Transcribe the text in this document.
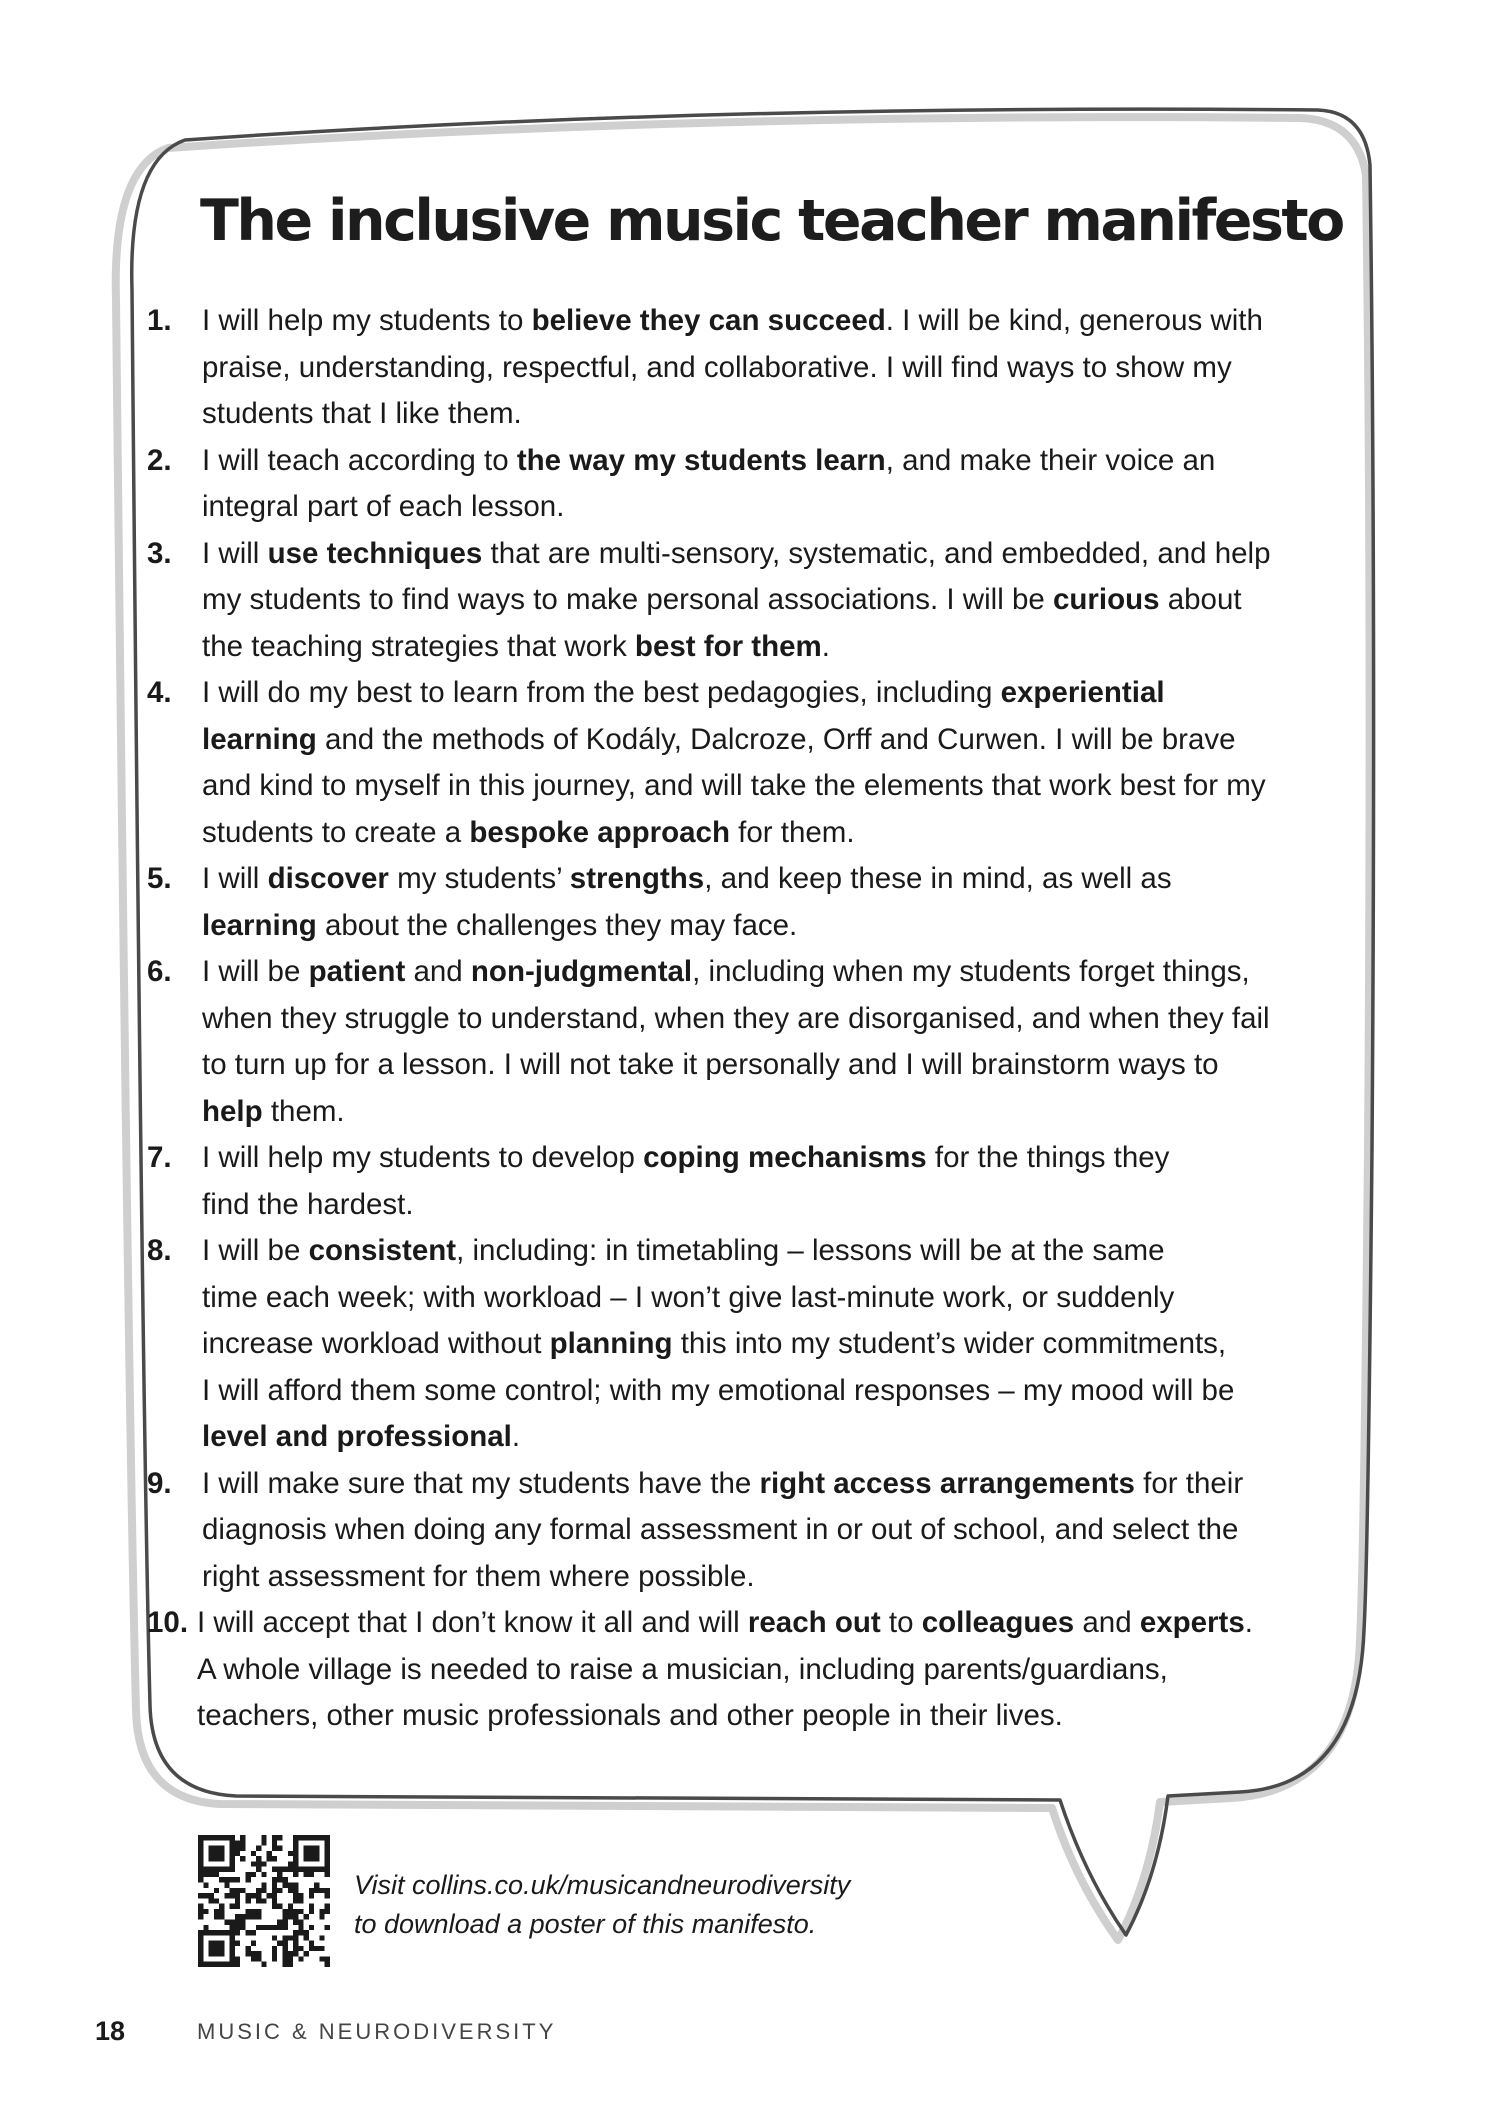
The inclusive music teacher manifesto
1. I will help my students to believe they can succeed. I will be kind, generous with
praise, understanding, respectful, and collaborative. I will find ways to show my
students that I like them.
2. I will teach according to the way my students learn, and make their voice an
integral part of each lesson.
3. I will use techniques that are multi-sensory, systematic, and embedded, and help
my students to find ways to make personal associations. I will be curious about
the teaching strategies that work best for them.
4. I will do my best to learn from the best pedagogies, including experiential
learning and the methods of Kodály, Dalcroze, Orff and Curwen. I will be brave
and kind to myself in this journey, and will take the elements that work best for my
students to create a bespoke approach for them.
5. I will discover my students’ strengths, and keep these in mind, as well as
learning about the challenges they may face.
6. I will be patient and non-judgmental, including when my students forget things,
when they struggle to understand, when they are disorganised, and when they fail
to turn up for a lesson. I will not take it personally and I will brainstorm ways to
help them.
7. I will help my students to develop coping mechanisms for the things they
find the hardest.
8. I will be consistent, including: in timetabling – lessons will be at the same
time each week; with workload – I won’t give last-minute work, or suddenly
increase workload without planning this into my student’s wider commitments,
I will afford them some control; with my emotional responses – my mood will be
level and professional.
9. I will make sure that my students have the right access arrangements for their
diagnosis when doing any formal assessment in or out of school, and select the
right assessment for them where possible.
10. I will accept that I don’t know it all and will reach out to colleagues and experts.
A whole village is needed to raise a musician, including parents/guardians,
teachers, other music professionals and other people in their lives.
Visit collins.co.uk/musicandneurodiversity
to download a poster of this manifesto.
18	MUSIC & NEURODIVERSITY
